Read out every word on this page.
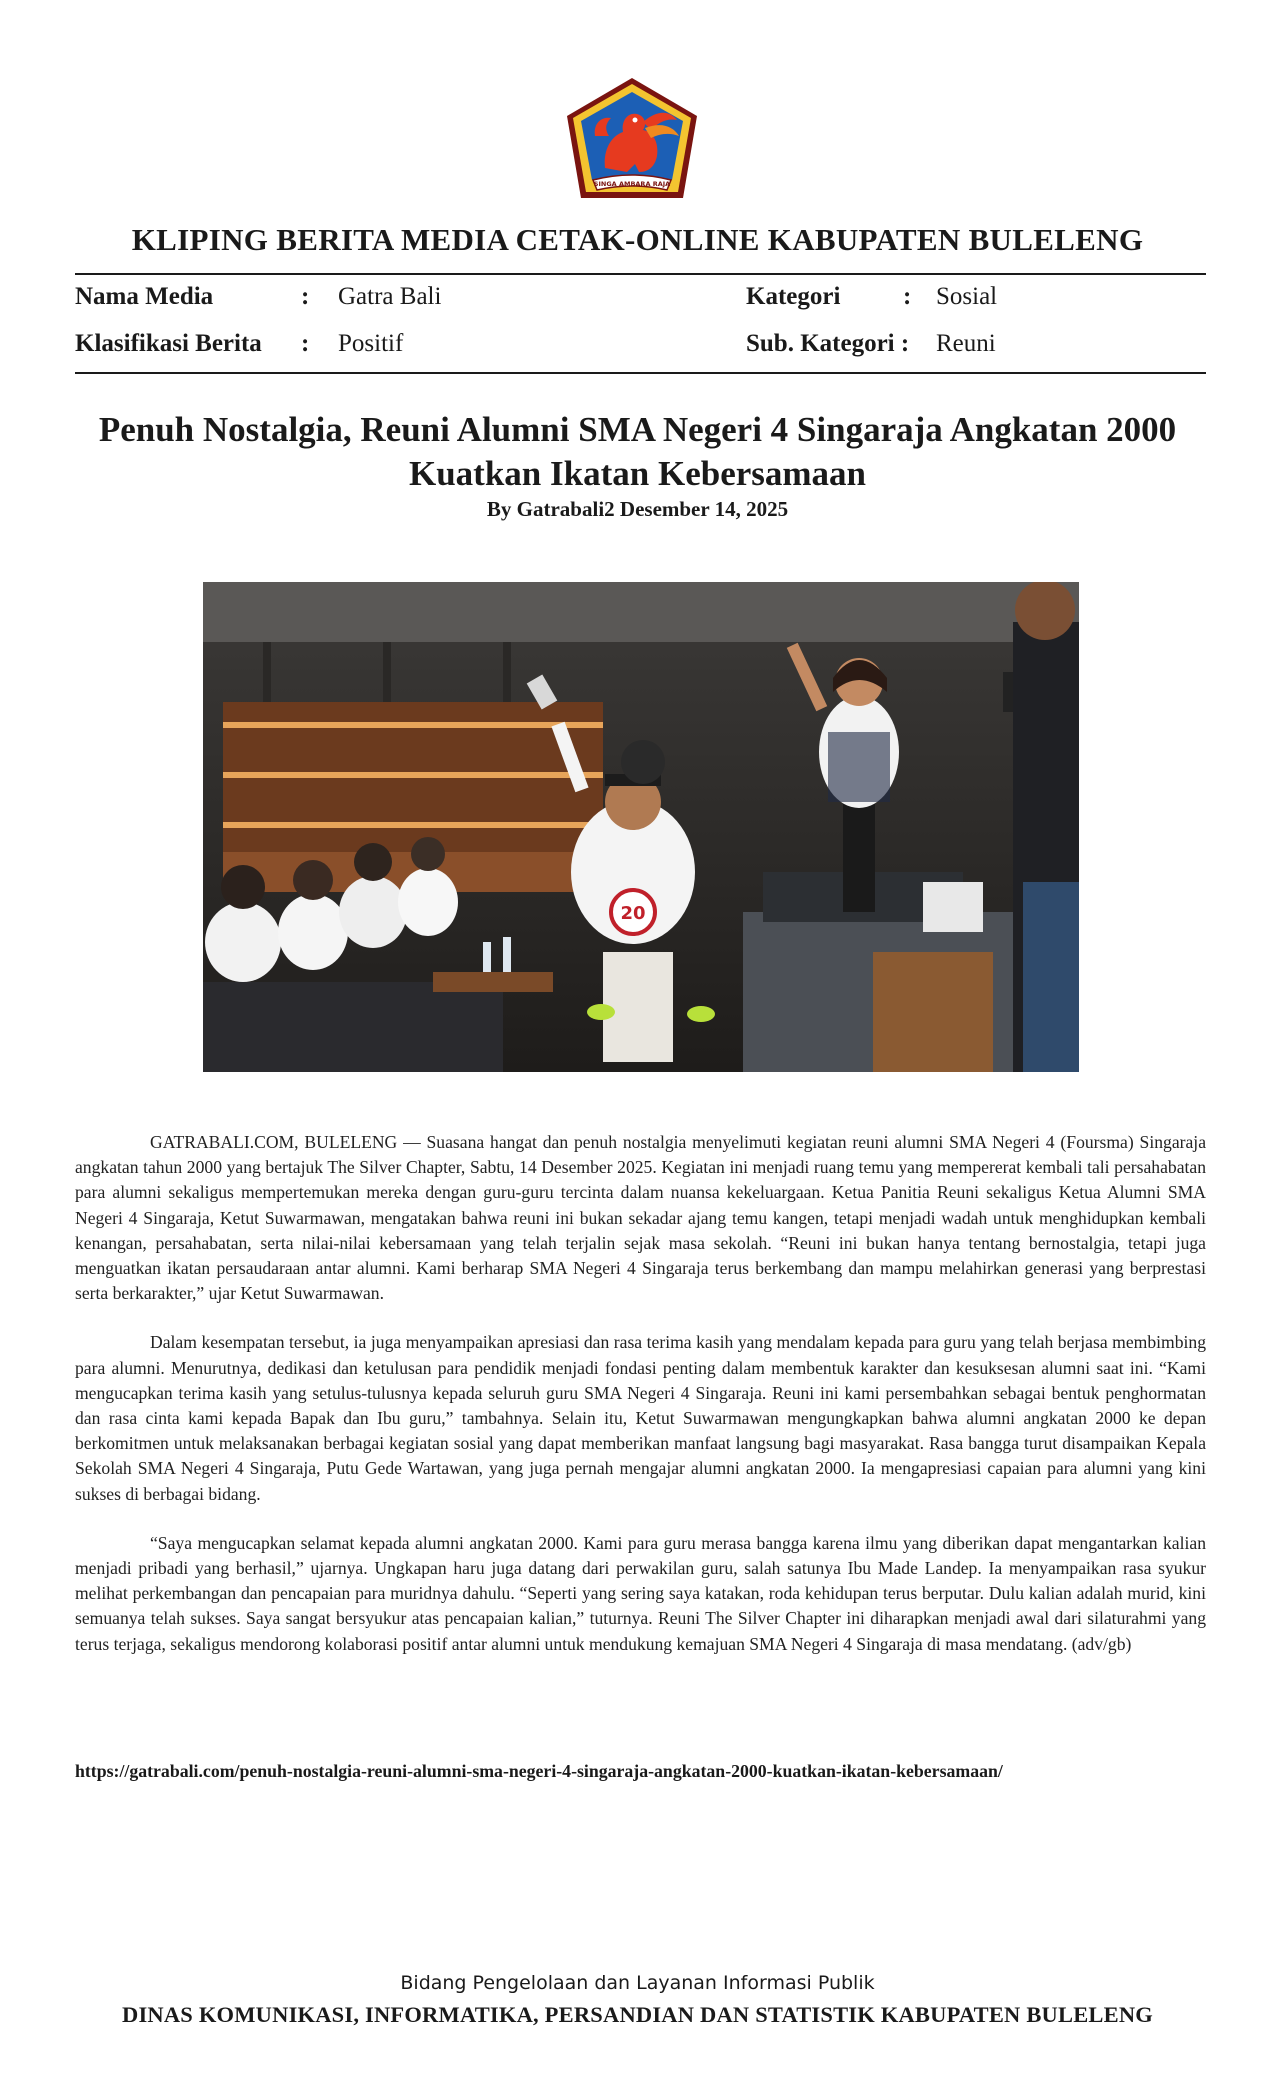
SINGA AMBARA RAJA
KLIPING BERITA MEDIA CETAK-ONLINE KABUPATEN BULELENG
Nama Media	: Gatra Bali	Kategori	: Sosial
Klasifikasi Berita : Positif	Sub. Kategori : Reuni
Penuh Nostalgia, Reuni Alumni SMA Negeri 4 Singaraja Angkatan 2000
Kuatkan Ikatan Kebersamaan
By Gatrabali2 Desember 14, 2025
20

GATRABALI.COM, BULELENG — Suasana hangat dan penuh nostalgia menyelimuti kegiatan reuni alumni SMA Negeri 4 (Foursma) Singaraja angkatan tahun 2000 yang bertajuk The Silver Chapter, Sabtu, 14 Desember 2025. Kegiatan ini menjadi ruang temu yang mempererat kembali tali persahabatan para alumni sekaligus mempertemukan mereka dengan guru-guru tercinta dalam nuansa kekeluargaan. Ketua Panitia Reuni sekaligus Ketua Alumni SMA Negeri 4 Singaraja, Ketut Suwarmawan, mengatakan bahwa reuni ini bukan sekadar ajang temu kangen, tetapi menjadi wadah untuk menghidupkan kembali kenangan, persahabatan, serta nilai-nilai kebersamaan yang telah terjalin sejak masa sekolah. “Reuni ini bukan hanya tentang bernostalgia, tetapi juga menguatkan ikatan persaudaraan antar alumni. Kami berharap SMA Negeri 4 Singaraja terus berkembang dan mampu melahirkan generasi yang berprestasi serta berkarakter,” ujar Ketut Suwarmawan.

Dalam kesempatan tersebut, ia juga menyampaikan apresiasi dan rasa terima kasih yang mendalam kepada para guru yang telah berjasa membimbing para alumni. Menurutnya, dedikasi dan ketulusan para pendidik menjadi fondasi penting dalam membentuk karakter dan kesuksesan alumni saat ini. “Kami mengucapkan terima kasih yang setulus-tulusnya kepada seluruh guru SMA Negeri 4 Singaraja. Reuni ini kami persembahkan sebagai bentuk penghormatan dan rasa cinta kami kepada Bapak dan Ibu guru,” tambahnya. Selain itu, Ketut Suwarmawan mengungkapkan bahwa alumni angkatan 2000 ke depan berkomitmen untuk melaksanakan berbagai kegiatan sosial yang dapat memberikan manfaat langsung bagi masyarakat. Rasa bangga turut disampaikan Kepala Sekolah SMA Negeri 4 Singaraja, Putu Gede Wartawan, yang juga pernah mengajar alumni angkatan 2000. Ia mengapresiasi capaian para alumni yang kini sukses di berbagai bidang.

“Saya mengucapkan selamat kepada alumni angkatan 2000. Kami para guru merasa bangga karena ilmu yang diberikan dapat mengantarkan kalian menjadi pribadi yang berhasil,” ujarnya. Ungkapan haru juga datang dari perwakilan guru, salah satunya Ibu Made Landep. Ia menyampaikan rasa syukur melihat perkembangan dan pencapaian para muridnya dahulu. “Seperti yang sering saya katakan, roda kehidupan terus berputar. Dulu kalian adalah murid, kini semuanya telah sukses. Saya sangat bersyukur atas pencapaian kalian,” tuturnya. Reuni The Silver Chapter ini diharapkan menjadi awal dari silaturahmi yang terus terjaga, sekaligus mendorong kolaborasi positif antar alumni untuk mendukung kemajuan SMA Negeri 4 Singaraja di masa mendatang. (adv/gb)

https://gatrabali.com/penuh-nostalgia-reuni-alumni-sma-negeri-4-singaraja-angkatan-2000-kuatkan-ikatan-kebersamaan/
Bidang Pengelolaan dan Layanan Informasi Publik
DINAS KOMUNIKASI, INFORMATIKA, PERSANDIAN DAN STATISTIK KABUPATEN BULELENG
